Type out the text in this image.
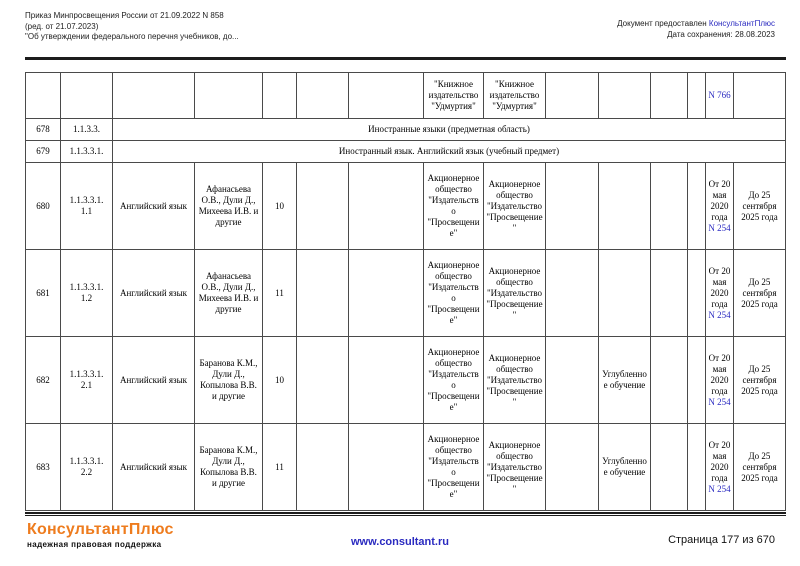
Приказ Минпросвещения России от 21.09.2022 N 858
(ред. от 21.07.2023)
"Об утверждении федерального перечня учебников, до...
Документ предоставлен КонсультантПлюс
Дата сохранения: 28.08.2023
							"Книжное издательство "Удмуртия"	"Книжное издательство "Удмуртия"					N 766	
678	1.1.3.3.	Иностранные языки (предметная область)												
679	1.1.3.3.1.	Иностранный язык. Английский язык (учебный предмет)												
680	1.1.3.3.1. 1.1	Английский язык	Афанасьева О.В., Дули Д., Михеева И.В. и другие	10			Акционерное общество "Издательство "Просвещение"	Акционерное общество "Издательство "Просвещение"					От 20 мая 2020 года N 254	До 25 сентября 2025 года
681	1.1.3.3.1. 1.2	Английский язык	Афанасьева О.В., Дули Д., Михеева И.В. и другие	11			Акционерное общество "Издательство "Просвещение"	Акционерное общество "Издательство "Просвещение"					От 20 мая 2020 года N 254	До 25 сентября 2025 года
682	1.1.3.3.1. 2.1	Английский язык	Баранова К.М., Дули Д., Копылова В.В. и другие	10			Акционерное общество "Издательство "Просвещение"	Акционерное общество "Издательство "Просвещение"		Углубленное обучение			От 20 мая 2020 года N 254	До 25 сентября 2025 года
683	1.1.3.3.1. 2.2	Английский язык	Баранова К.М., Дули Д., Копылова В.В. и другие	11			Акционерное общество "Издательство "Просвещение"	Акционерное общество "Издательство "Просвещение"		Углубленное обучение			От 20 мая 2020 года N 254	До 25 сентября 2025 года
КонсультантПлюс
надежная правовая поддержка	www.consultant.ru	Страница 177 из 670
